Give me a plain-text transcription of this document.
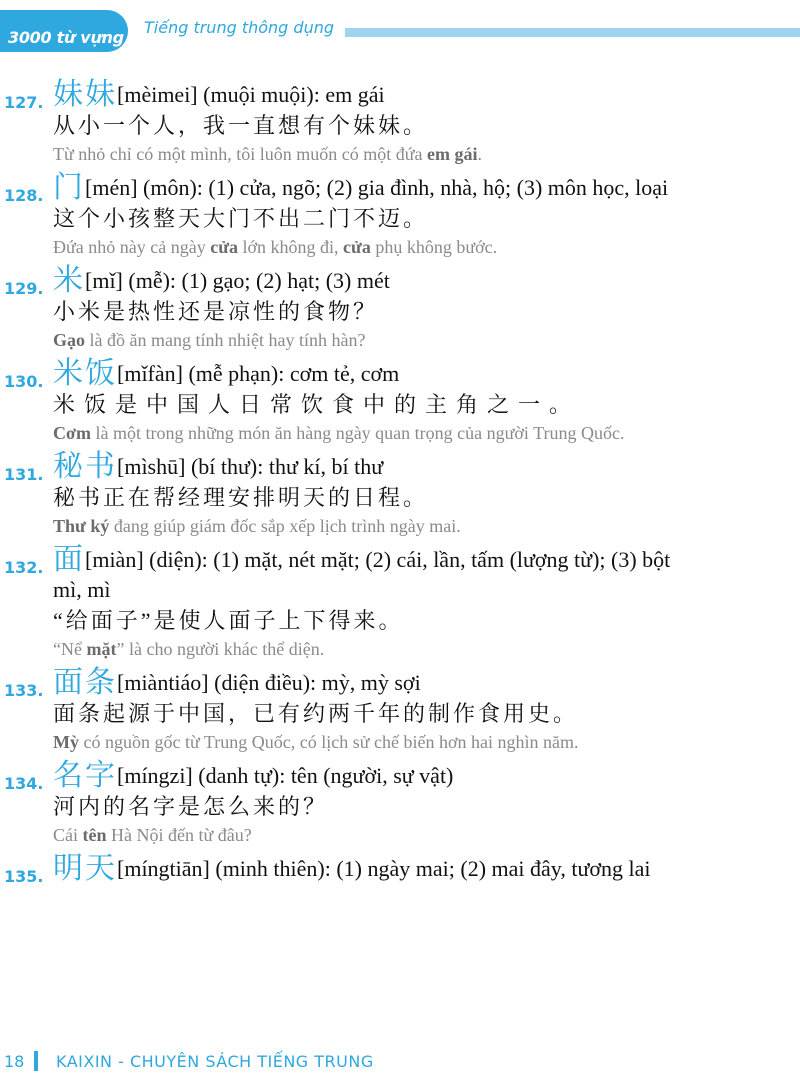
3000 từ vựng
Tiếng trung thông dụng
127. 妹妹[mèimei] (muội muội): em gái
从小一个人，我一直想有个妹妹。
Từ nhỏ chỉ có một mình, tôi luôn muốn có một đứa em gái.
128. 门[mén] (môn): (1) cửa, ngõ; (2) gia đình, nhà, hộ; (3) môn học, loại
这个小孩整天大门不出二门不迈。
Đứa nhỏ này cả ngày cửa lớn không đi, cửa phụ không bước.
129. 米[mǐ] (mễ): (1) gạo; (2) hạt; (3) mét
小米是热性还是凉性的食物？
Gạo là đồ ăn mang tính nhiệt hay tính hàn?
130. 米饭[mǐfàn] (mễ phạn): cơm tẻ, cơm
米饭是中国人日常饮食中的主角之一。
Cơm là một trong những món ăn hàng ngày quan trọng của người Trung Quốc.
131. 秘书[mìshū] (bí thư): thư kí, bí thư
秘书正在帮经理安排明天的日程。
Thư ký đang giúp giám đốc sắp xếp lịch trình ngày mai.
132. 面[miàn] (diện): (1) mặt, nét mặt; (2) cái, lần, tấm (lượng từ); (3) bột mì, mì
“给面子”是使人面子上下得来。
“Nể mặt” là cho người khác thể diện.
133. 面条[miàntiáo] (diện điều): mỳ, mỳ sợi
面条起源于中国，已有约两千年的制作食用史。
Mỳ có nguồn gốc từ Trung Quốc, có lịch sử chế biến hơn hai nghìn năm.
134. 名字[míngzi] (danh tự): tên (người, sự vật)
河内的名字是怎么来的？
Cái tên Hà Nội đến từ đâu?
135. 明天[míngtiān] (minh thiên): (1) ngày mai; (2) mai đây, tương lai
18 KAIXIN - CHUYÊN SÁCH TIẾNG TRUNG
